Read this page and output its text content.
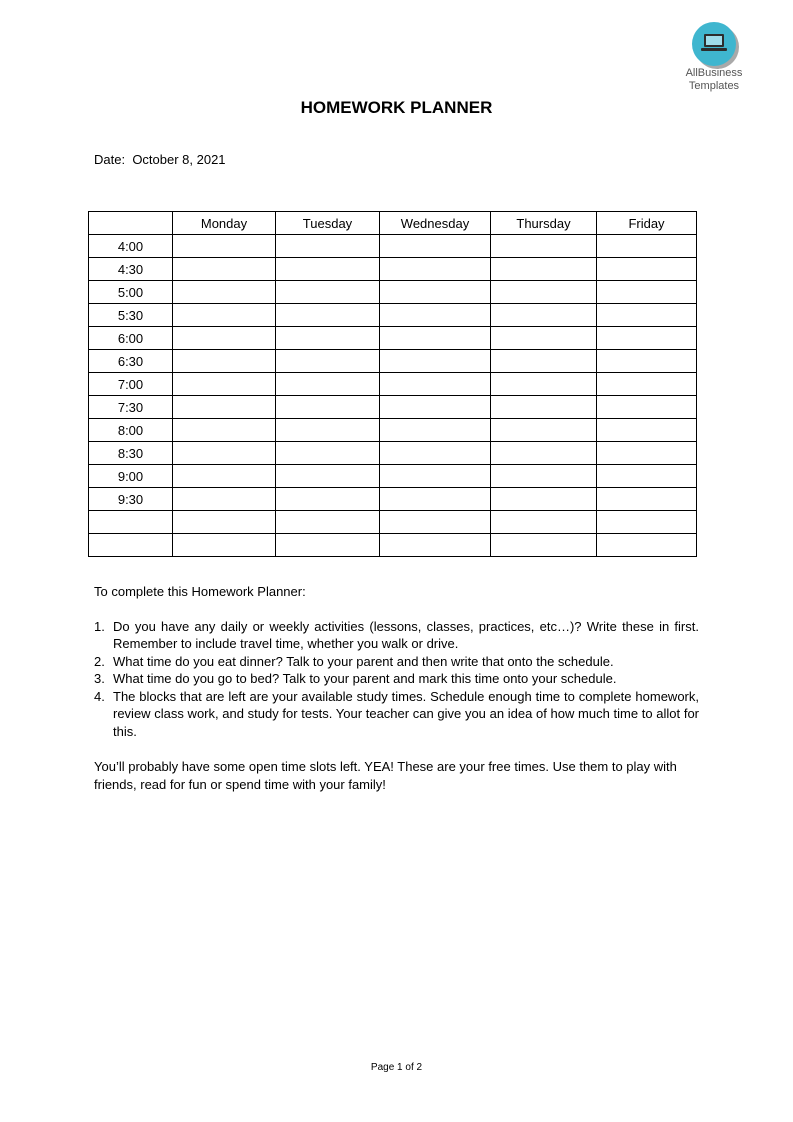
AllBusiness
Templates
HOMEWORK PLANNER
Date: October 8, 2021
	Monday	Tuesday	Wednesday	Thursday	Friday
4:00					
4:30					
5:00					
5:30					
6:00					
6:30					
7:00					
7:30					
8:00					
8:30					
9:00					
9:30					

To complete this Homework Planner:

1. Do you have any daily or weekly activities (lessons, classes, practices, etc…)? Write these in first. Remember to include travel time, whether you walk or drive.
2. What time do you eat dinner? Talk to your parent and then write that onto the schedule.
3. What time do you go to bed? Talk to your parent and mark this time onto your schedule.
4. The blocks that are left are your available study times. Schedule enough time to complete homework, review class work, and study for tests. Your teacher can give you an idea of how much time to allot for this.

You’ll probably have some open time slots left. YEA! These are your free times. Use them to play with friends, read for fun or spend time with your family!

Page 1 of 2
